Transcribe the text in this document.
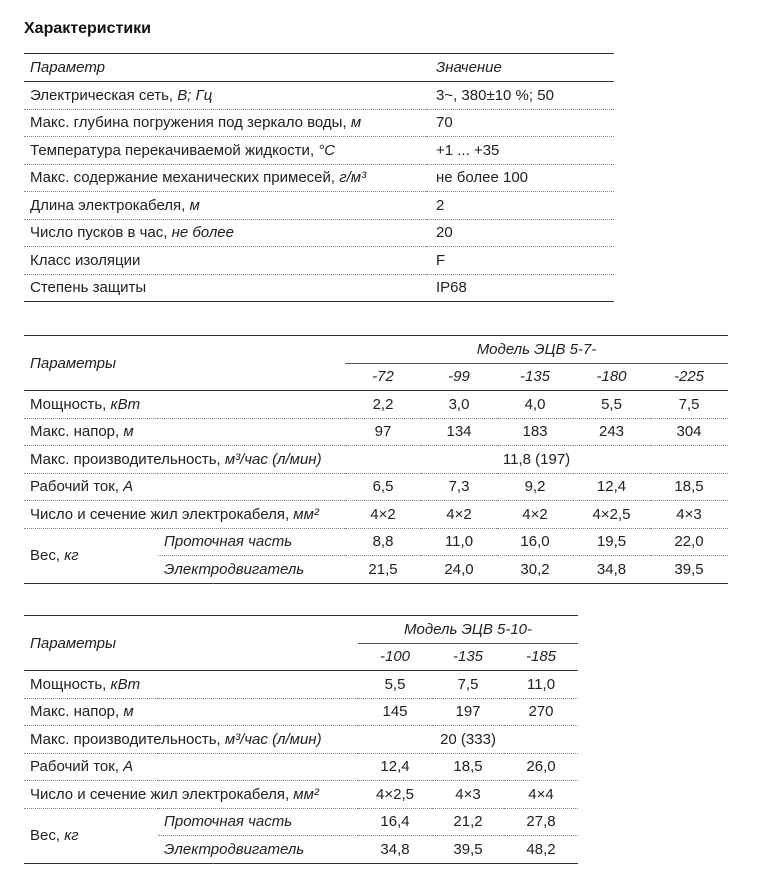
Характеристики
Параметр	Значение
Электрическая сеть, В; Гц	3~, 380±10 %; 50
Макс. глубина погружения под зеркало воды, м	70
Температура перекачиваемой жидкости, °С	+1 ... +35
Макс. содержание механических примесей, г/м³	не более 100
Длина электрокабеля, м	2
Число пусков в час, не более	20
Класс изоляции	F
Степень защиты	IP68
Параметры		Модель ЭЦВ 5-7-				
		-72	-99	-135	-180	-225
Мощность, кВт		2,2	3,0	4,0	5,5	7,5
Макс. напор, м		97	134	183	243	304
Макс. производительность, м³/час (л/мин)		11,8 (197)				
Рабочий ток, А		6,5	7,3	9,2	12,4	18,5
Число и сечение жил электрокабеля, мм²		4×2	4×2	4×2	4×2,5	4×3
Вес, кг	Проточная часть	8,8	11,0	16,0	19,5	22,0
	Электродвигатель	21,5	24,0	30,2	34,8	39,5
Параметры		Модель ЭЦВ 5-10-		
		-100	-135	-185
Мощность, кВт		5,5	7,5	11,0
Макс. напор, м		145	197	270
Макс. производительность, м³/час (л/мин)		20 (333)		
Рабочий ток, А		12,4	18,5	26,0
Число и сечение жил электрокабеля, мм²		4×2,5	4×3	4×4
Вес, кг	Проточная часть	16,4	21,2	27,8
	Электродвигатель	34,8	39,5	48,2
